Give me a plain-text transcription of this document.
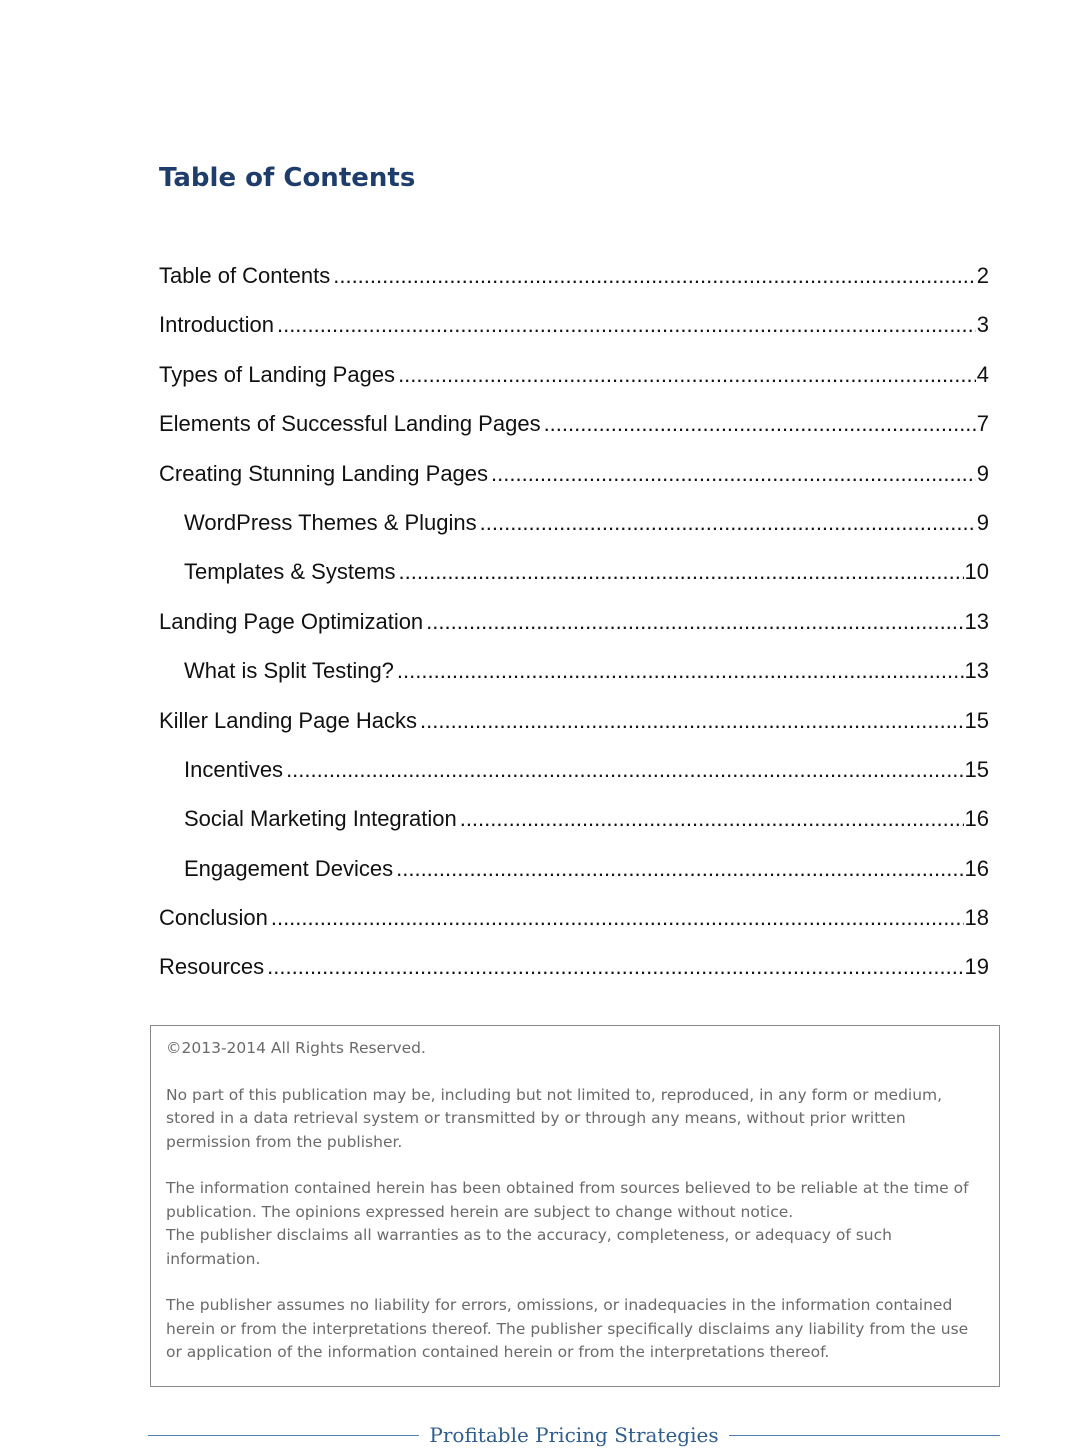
Table of Contents
Table of Contents .....	2
Introduction .....	3
Types of Landing Pages .....	4
Elements of Successful Landing Pages .....	7
Creating Stunning Landing Pages .....	9
WordPress Themes & Plugins .....	9
Templates & Systems .....	10
Landing Page Optimization .....	13
What is Split Testing? .....	13
Killer Landing Page Hacks .....	15
Incentives .....	15
Social Marketing Integration .....	16
Engagement Devices .....	16
Conclusion .....	18
Resources .....	19

©2013-2014 All Rights Reserved.

No part of this publication may be, including but not limited to, reproduced, in any form or medium, stored in a data retrieval system or transmitted by or through any means, without prior written permission from the publisher.

The information contained herein has been obtained from sources believed to be reliable at the time of publication. The opinions expressed herein are subject to change without notice.

The publisher disclaims all warranties as to the accuracy, completeness, or adequacy of such information.

The publisher assumes no liability for errors, omissions, or inadequacies in the information contained herein or from the interpretations thereof. The publisher specifically disclaims any liability from the use or application of the information contained herein or from the interpretations thereof.

Profitable Pricing Strategies
